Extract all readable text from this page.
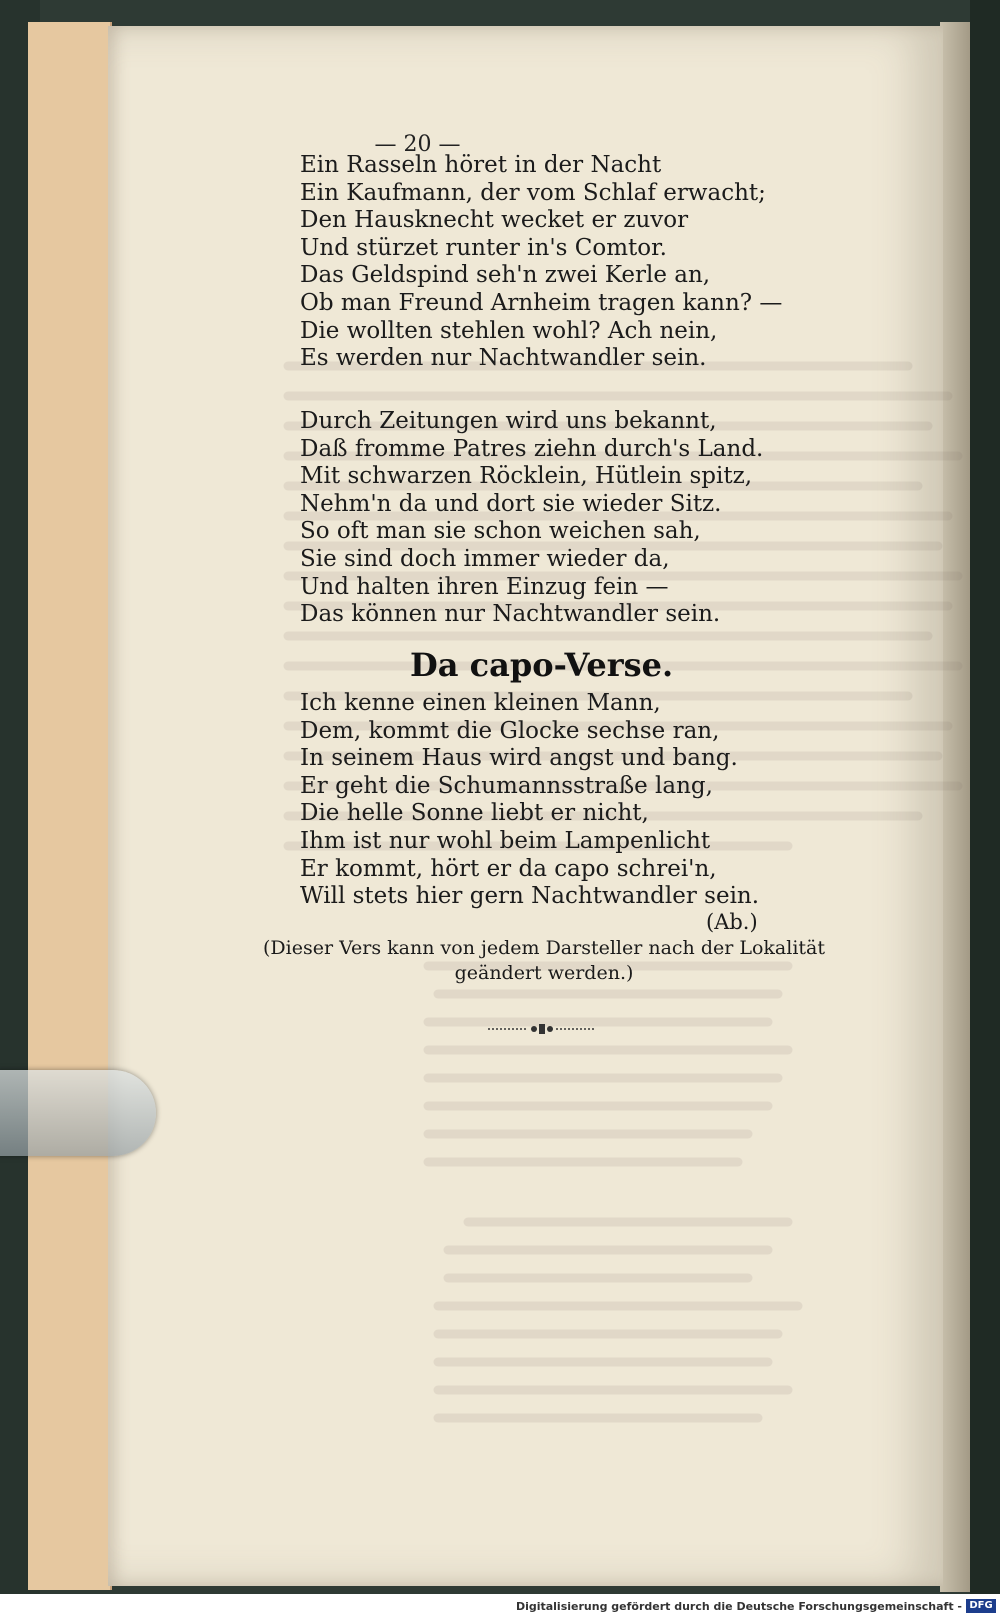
— 20 —
Ein Rasseln höret in der Nacht
Ein Kaufmann, der vom Schlaf erwacht;
Den Hausknecht wecket er zuvor
Und stürzet runter in's Comtor.
Das Geldspind seh'n zwei Kerle an,
Ob man Freund Arnheim tragen kann? —
Die wollten stehlen wohl? Ach nein,
Es werden nur Nachtwandler sein.
Durch Zeitungen wird uns bekannt,
Daß fromme Patres ziehn durch's Land.
Mit schwarzen Röcklein, Hütlein spitz,
Nehm'n da und dort sie wieder Sitz.
So oft man sie schon weichen sah,
Sie sind doch immer wieder da,
Und halten ihren Einzug fein —
Das können nur Nachtwandler sein.
Da capo-Verse.
Ich kenne einen kleinen Mann,
Dem, kommt die Glocke sechse ran,
In seinem Haus wird angst und bang.
Er geht die Schumannsstraße lang,
Die helle Sonne liebt er nicht,
Ihm ist nur wohl beim Lampenlicht
Er kommt, hört er da capo schrei'n,
Will stets hier gern Nachtwandler sein.
(Ab.)
(Dieser Vers kann von jedem Darsteller nach der Lokalität geändert werden.)
Digitalisierung gefördert durch die Deutsche Forschungsgemeinschaft - DFG
